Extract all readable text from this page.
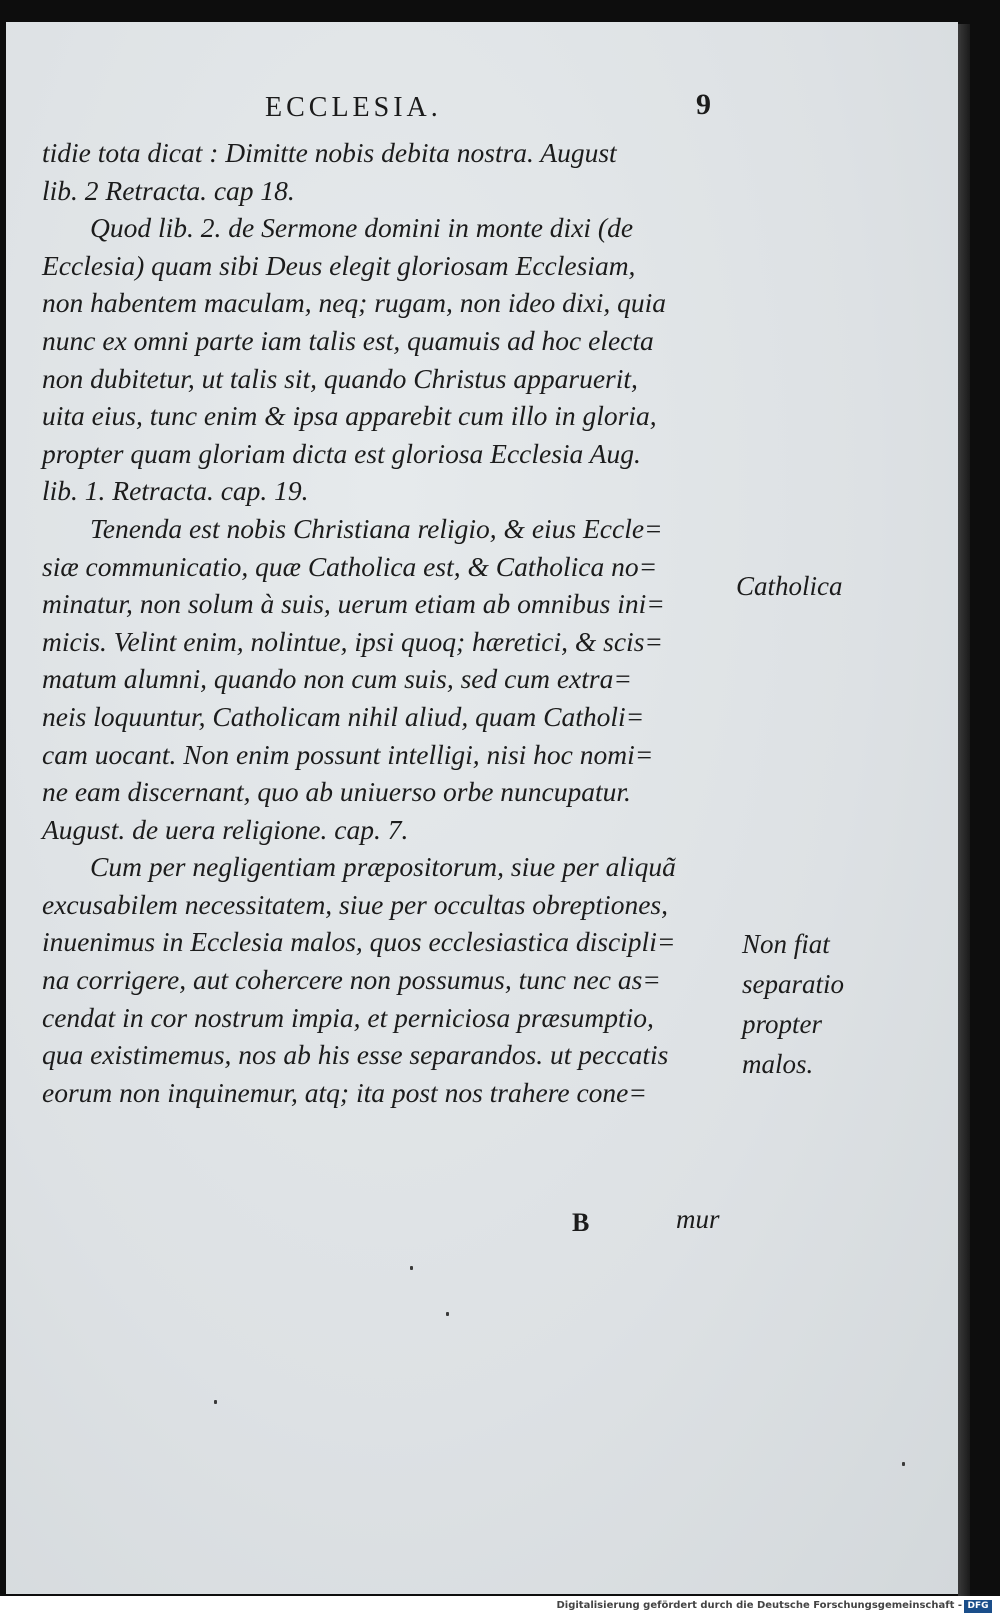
ECCLESIA.	9
tidie tota dicat : Dimitte nobis debita nostra. August
lib. 2 Retracta. cap 18.
Quod lib. 2. de Sermone domini in monte dixi (de
Ecclesia) quam sibi Deus elegit gloriosam Ecclesiam,
non habentem maculam, neq; rugam, non ideo dixi, quia
nunc ex omni parte iam talis est, quamuis ad hoc electa
non dubitetur, ut talis sit, quando Christus apparuerit,
uita eius, tunc enim & ipsa apparebit cum illo in gloria,
propter quam gloriam dicta est gloriosa Ecclesia Aug.
lib. 1. Retracta. cap. 19.
Tenenda est nobis Christiana religio, & eius Eccle=
siæ communicatio, quæ Catholica est, & Catholica no=
minatur, non solum à suis, uerum etiam ab omnibus ini=
micis. Velint enim, nolintue, ipsi quoq; hæretici, & scis=
matum alumni, quando non cum suis, sed cum extra=
neis loquuntur, Catholicam nihil aliud, quam Catholi=
cam uocant. Non enim possunt intelligi, nisi hoc nomi=
ne eam discernant, quo ab uniuerso orbe nuncupatur.
August. de uera religione. cap. 7.
Cum per negligentiam præpositorum, siue per aliquã
excusabilem necessitatem, siue per occultas obreptiones,
inuenimus in Ecclesia malos, quos ecclesiastica discipli=
na corrigere, aut cohercere non possumus, tunc nec as=
cendat in cor nostrum impia, et perniciosa præsumptio,
qua existimemus, nos ab his esse separandos. ut peccatis
eorum non inquinemur, atq; ita post nos trahere cone=
Catholica
Non fiat
separatio
propter
malos.
B	mur
Digitalisierung gefördert durch die Deutsche Forschungsgemeinschaft - DFG
